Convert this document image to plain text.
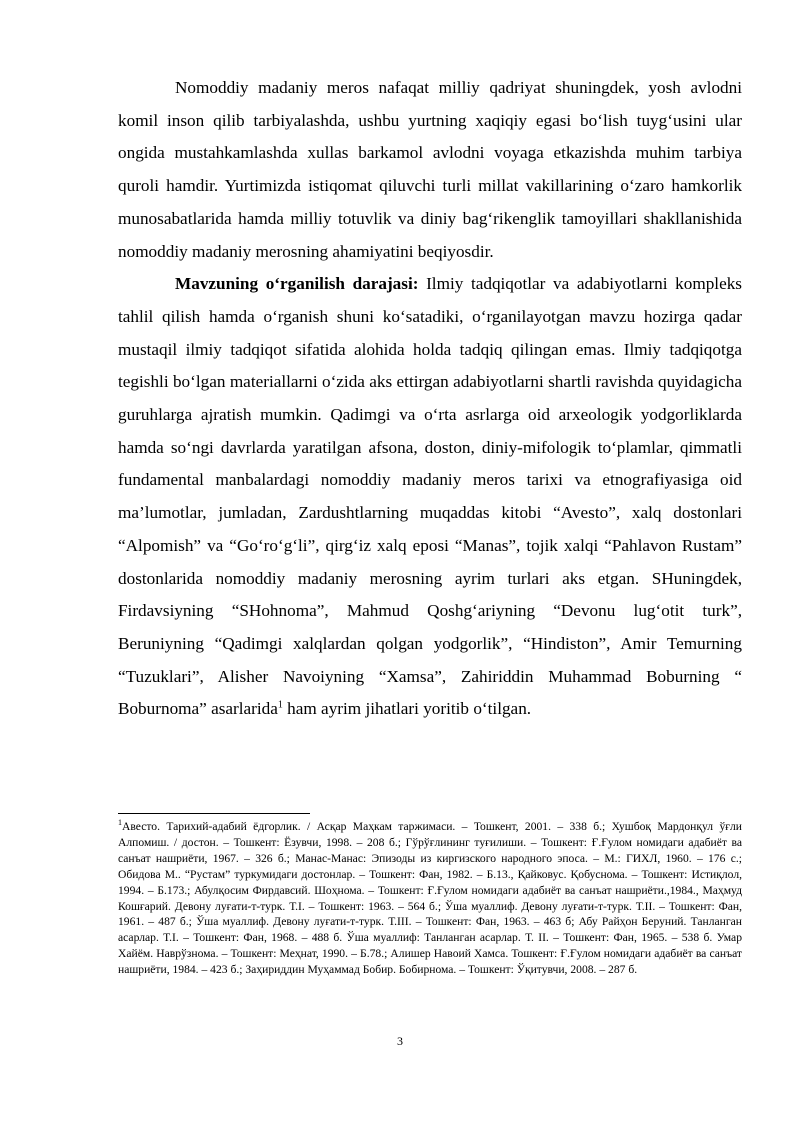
Nomoddiy madaniy meros nafaqat milliy qadriyat shuningdek, yosh avlodni komil inson qilib tarbiyalashda, ushbu yurtning xaqiqiy egasi bo‘lish tuyg‘usini ular ongida mustahkamlashda xullas barkamol avlodni voyaga etkazishda muhim tarbiya quroli hamdir. Yurtimizda istiqomat qiluvchi turli millat vakillarining o‘zaro hamkorlik munosabatlarida hamda milliy totuvlik va diniy bag‘rikenglik tamoyillari shakllanishida nomoddiy madaniy merosning ahamiyatini beqiyosdir.

Mavzuning o‘rganilish darajasi: Ilmiy tadqiqotlar va adabiyotlarni kompleks tahlil qilish hamda o‘rganish shuni ko‘satadiki, o‘rganilayotgan mavzu hozirga qadar mustaqil ilmiy tadqiqot sifatida alohida holda tadqiq qilingan emas. Ilmiy tadqiqotga tegishli bo‘lgan materiallarni o‘zida aks ettirgan adabiyotlarni shartli ravishda quyidagicha guruhlarga ajratish mumkin. Qadimgi va o‘rta asrlarga oid arxeologik yodgorliklarda hamda so‘ngi davrlarda yaratilgan afsona, doston, diniy-mifologik to‘plamlar, qimmatli fundamental manbalardagi nomoddiy madaniy meros tarixi va etnografiyasiga oid ma’lumotlar, jumladan, Zardushtlarning muqaddas kitobi “Avesto”, xalq dostonlari “Alpomish” va “Go‘ro‘g‘li”, qirg‘iz xalq eposi “Manas”, tojik xalqi “Pahlavon Rustam” dostonlarida nomoddiy madaniy merosning ayrim turlari aks etgan. SHuningdek, Firdavsiyning “SHohnoma”, Mahmud Qoshg‘ariyning “Devonu lug‘otit turk”, Beruniyning “Qadimgi xalqlardan qolgan yodgorlik”, “Hindiston”, Amir Temurning “Tuzuklari”, Alisher Navoiyning “Xamsa”, Zahiriddin Muhammad Boburning “ Boburnoma” asarlarida$^1$ ham ayrim jihatlari yoritib o‘tilgan.

$^1$Авесто. Тарихий-адабий ёдгорлик. / Асқар Маҳкам таржимаси. – Тошкент, 2001. – 338 б.; Хушбоқ Мардонқул ўғли Алпомиш. / достон. – Тошкент: Ёзувчи, 1998. – 208 б.; Гўрўғлининг туғилиши. – Тошкент: Ғ.Ғулом номидаги адабиёт ва санъат нашриёти, 1967. – 326 б.; Манас-Манас: Эпизоды из киргизского народного эпоса. – М.: ГИХЛ, 1960. – 176 с.; Обидова М.. “Рустам” туркумидаги достонлар. – Тошкент: Фан, 1982. – Б.13., Қайковус. Қобуснома. – Тошкент: Истиқлол, 1994. – Б.173.; Абулқосим Фирдавсий. Шоҳнома. – Тошкент: Ғ.Ғулом номидаги адабиёт ва санъат нашриёти.,1984., Маҳмуд Кошғарий. Девону луғати-т-турк. Т.I. – Тошкент: 1963. – 564 б.; Ўша муаллиф. Девону луғати-т-турк. Т.II. – Тошкент: Фан, 1961. – 487 б.; Ўша муаллиф. Девону луғати-т-турк. Т.III. – Тошкент: Фан, 1963. – 463 б; Абу Райҳон Беруний. Танланган асарлар. Т.I. – Тошкент: Фан, 1968. – 488 б. Ўша муаллиф: Танланган асарлар. Т. II. – Тошкент: Фан, 1965. – 538 б. Умар Хайём. Наврўзнома. – Тошкент: Меҳнат, 1990. – Б.78.; Алишер Навоий Хамса. Тошкент: Ғ.Ғулом номидаги адабиёт ва санъат нашриёти, 1984. – 423 б.; Заҳириддин Муҳаммад Бобир. Бобирнома. – Тошкент: Ўқитувчи, 2008. – 287 б.
3
